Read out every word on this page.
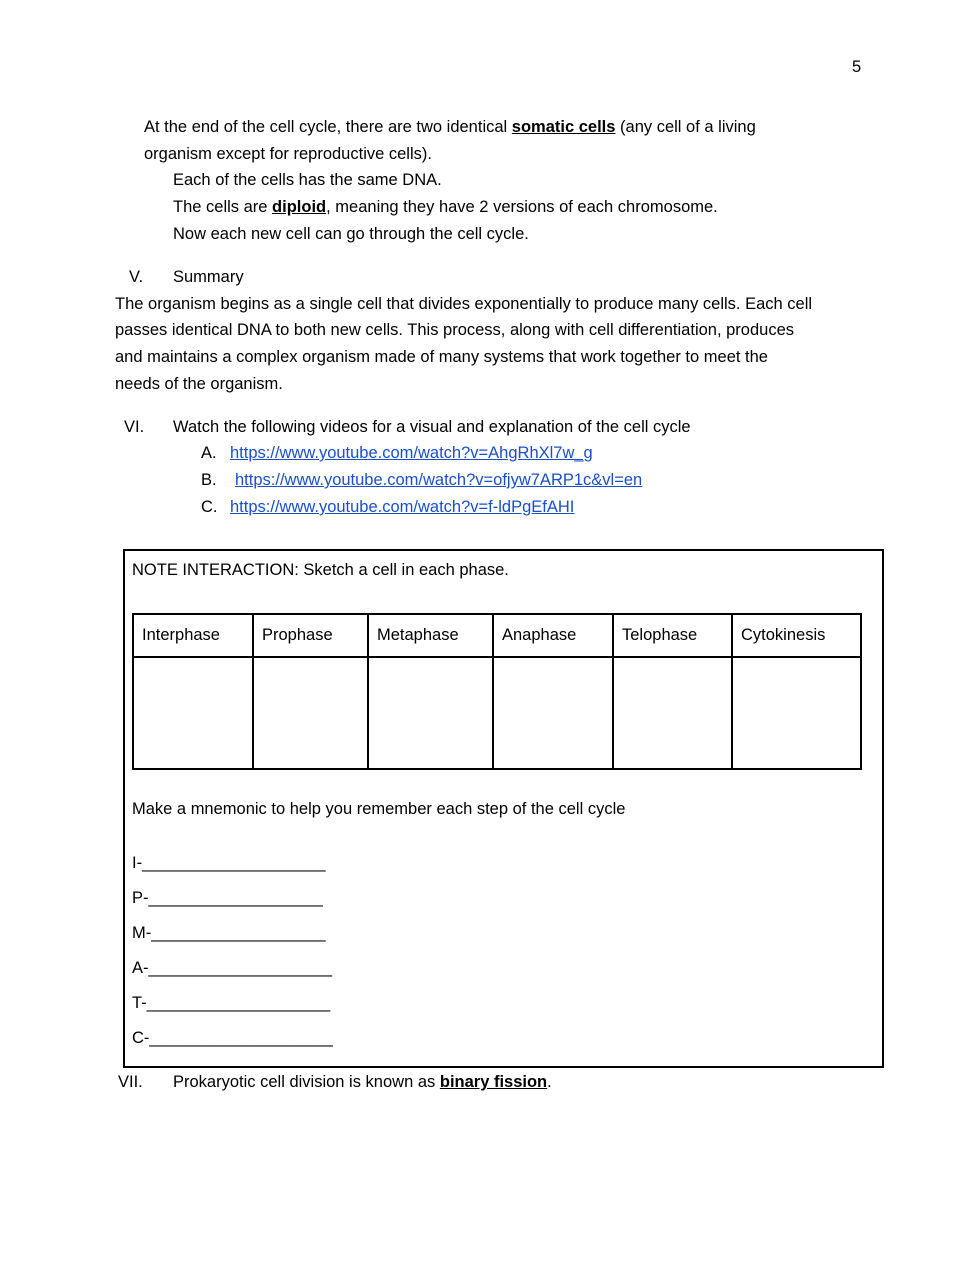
5
At the end of the cell cycle, there are two identical somatic cells (any cell of a living
organism except for reproductive cells).
Each of the cells has the same DNA.
The cells are diploid, meaning they have 2 versions of each chromosome.
Now each new cell can go through the cell cycle.
V. Summary
The organism begins as a single cell that divides exponentially to produce many cells. Each cell
passes identical DNA to both new cells. This process, along with cell differentiation, produces
and maintains a complex organism made of many systems that work together to meet the
needs of the organism.
VI. Watch the following videos for a visual and explanation of the cell cycle
A. https://www.youtube.com/watch?v=AhgRhXl7w_g
B. https://www.youtube.com/watch?v=ofjyw7ARP1c&vl=en
C. https://www.youtube.com/watch?v=f-ldPgEfAHI
NOTE INTERACTION: Sketch a cell in each phase.
Interphase	Prophase	Metaphase	Anaphase	Telophase	Cytokinesis

Make a mnemonic to help you remember each step of the cell cycle
I-____________________
P-___________________
M-___________________
A-____________________
T-____________________
C-____________________
VII. Prokaryotic cell division is known as binary fission.
